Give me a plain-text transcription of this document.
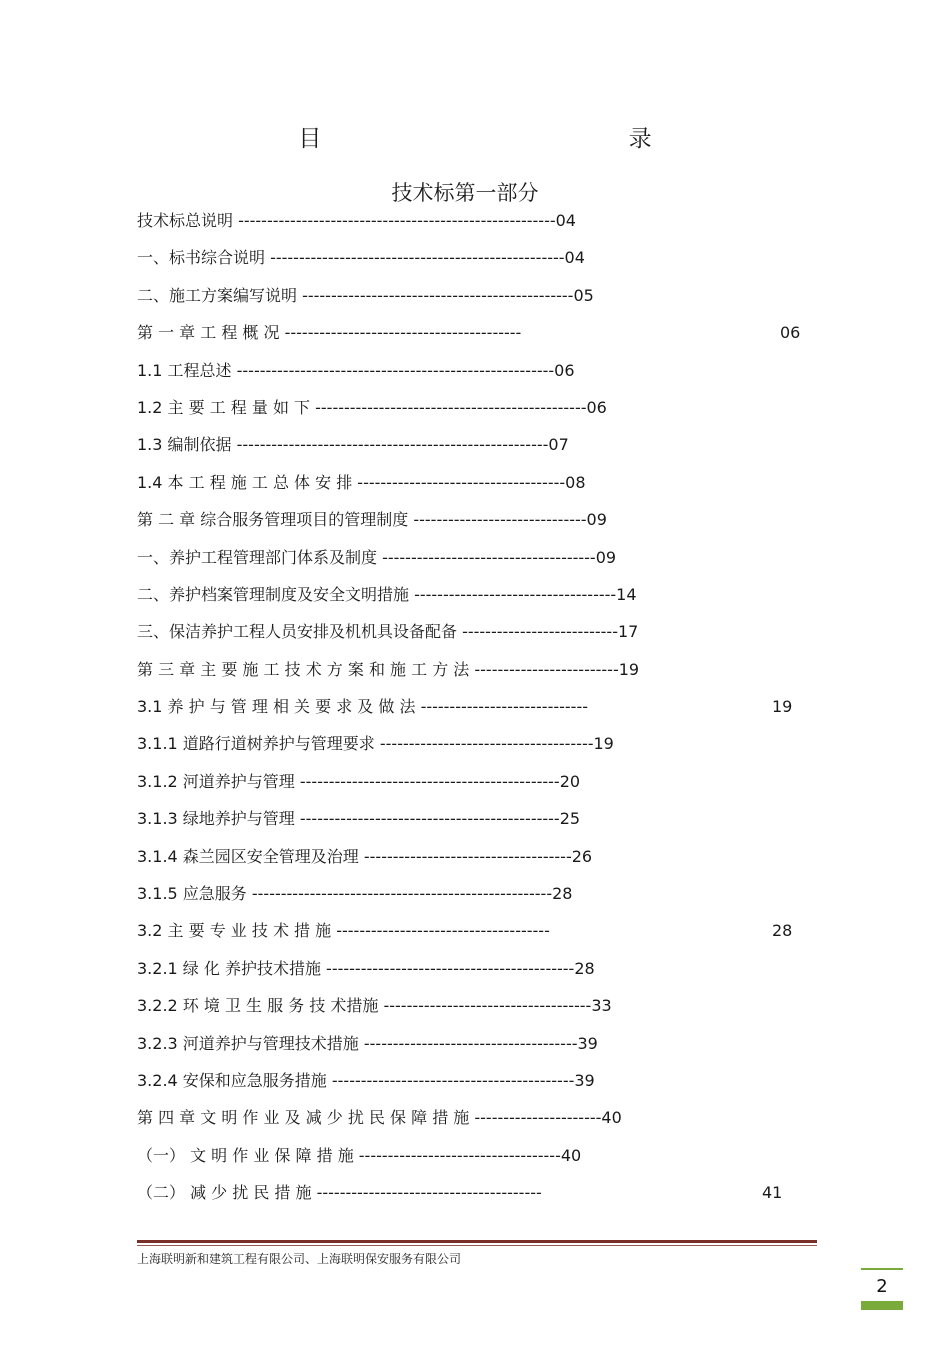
目 录
技术标第一部分
技术标总说明 -------------------------------------------------------04
一、标书综合说明 ---------------------------------------------------04
二、施工方案编写说明 -----------------------------------------------05
第 一 章 工 程 概 况 -----------------------------------------	06
1.1 工程总述 -------------------------------------------------------06
1.2 主 要 工 程 量 如 下 -----------------------------------------------06
1.3 编制依据 ------------------------------------------------------07
1.4 本 工 程 施 工 总 体 安 排 ------------------------------------08
第 二 章 综合服务管理项目的管理制度 ------------------------------09
一、养护工程管理部门体系及制度 -------------------------------------09
二、养护档案管理制度及安全文明措施 -----------------------------------14
三、保洁养护工程人员安排及机机具设备配备 ---------------------------17
第 三 章 主 要 施 工 技 术 方 案 和 施 工 方 法 -------------------------19
3.1 养 护 与 管 理 相 关 要 求 及 做 法 -----------------------------	19
3.1.1 道路行道树养护与管理要求 -------------------------------------19
3.1.2 河道养护与管理 ---------------------------------------------20
3.1.3 绿地养护与管理 ---------------------------------------------25
3.1.4 森兰园区安全管理及治理 ------------------------------------26
3.1.5 应急服务 ----------------------------------------------------28
3.2 主 要 专 业 技 术 措 施 -------------------------------------	28
3.2.1 绿 化 养护技术措施 -------------------------------------------28
3.2.2 环 境 卫 生 服 务 技 术措施 ------------------------------------33
3.2.3 河道养护与管理技术措施 -------------------------------------39
3.2.4 安保和应急服务措施 ------------------------------------------39
第 四 章 文 明 作 业 及 减 少 扰 民 保 障 措 施 ----------------------40
（一） 文 明 作 业 保 障 措 施 -----------------------------------40
（二） 减 少 扰 民 措 施 ---------------------------------------	41
上海联明新和建筑工程有限公司、上海联明保安服务有限公司
2
